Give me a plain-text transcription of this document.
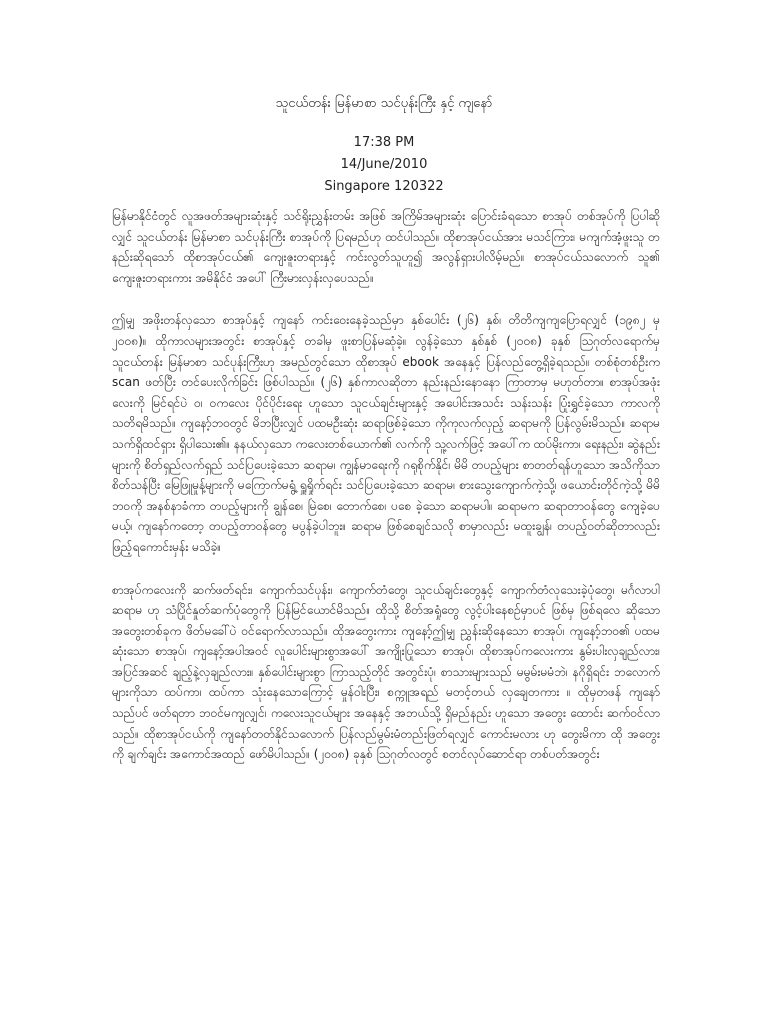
သူငယ်တန်း မြန်မာစာ သင်ပုန်းကြီး နှင့် ကျနော်
17:38 PM
14/June/2010
Singapore 120322

မြန်မာနိုင်ငံတွင် လူအဖတ်အများဆုံးနှင့် သင်ရိုးညွှန်းတမ်း အဖြစ် အကြိမ်အများဆုံး ပြောင်းခံရသော စာအုပ် တစ်အုပ်ကို ပြပါဆိုလျှင် သူငယ်တန်း မြန်မာစာ သင်ပုန်းကြီး စာအုပ်ကို ပြရမည်ဟု ထင်ပါသည်။ ထိုစာအုပ်ငယ်အား မသင်ကြား၊ မကျက်အံ့ဖူးသူ တနည်းဆိုရသော် ထိုစာအုပ်ငယ်၏ ကျေးဇူးတရားနှင့် ကင်းလွတ်သူဟူ၍ အလွန်ရှားပါလိမ့်မည်။ စာအုပ်ငယ်သလောက် သူ၏ ကျေးဇူးတရားကား အမိနိုင်ငံ အပေါ် ကြီးမားလှန်းလှပေသည်။

ဤမျှ အဖိုးတန်လှသော စာအုပ်နှင့် ကျနော် ကင်းဝေးနေခဲ့သည်မှာ နှစ်ပေါင်း (၂၆) နှစ်၊ တိတိကျကျပြောရလျှင် (၁၉၈၂ မှ ၂၀၀၈)။ ထိုကာလများအတွင်း စာအုပ်နှင့် တခါမှ ဖူးစာပြန်မဆုံခဲ့။ လွန်ခဲ့သော နှစ်နှစ် (၂၀၀၈) ခုနှစ် သြဂုတ်လရောက်မှ သူငယ်တန်း မြန်မာစာ သင်ပုန်းကြီးဟု အမည်တွင်သော ထိုစာအုပ် ebook အနေနှင့် ပြန်လည်တွေ့ရှိခဲ့ရသည်။ တစ်စုံတစ်ဦးက scan ဖတ်ပြီး တင်ပေးလိုက်ခြင်း ဖြစ်ပါသည်။ (၂၆) နှစ်ကာလဆိုတာ နည်းနည်းနောနော ကြာတာမှ မဟုတ်တာ။ စာအုပ်အဖုံးလေးကို မြင်ရင်ပဲ ဝ၊ ဝကလေး ပိုင်ပိုင်းရေး ဟူသော သူငယ်ချင်းများနှင့် အပေါင်းအသင်း သန်းသန်း ပြုံးရွှင်ခဲ့သော ကာလကို သတိရမိသည်။ ကျနော့်ဘဝတွင် မိဘပြီးလျှင် ပထမဦးဆုံး ဆရာဖြစ်ခဲ့သော ကိုကုလက်လှည့် ဆရာမကို ပြန်လွမ်းမိသည်။ ဆရာမ သက်ရှိထင်ရှား ရှိပါသေး၏။ နနယ်လှသော ကလေးတစ်ယောက်၏ လက်ကို သူ့လက်ဖြင့် အပေါ်က ထပ်မိုးကာ၊ ရေးနည်း၊ ဆွဲနည်းများကို စိတ်ရှည်လက်ရှည် သင်ပြပေးခဲ့သော ဆရာမ၊ ကျွန်မာရေးကို ဂရုစိုက်နိုင်၊ မိမိ တပည့်များ စာတတ်ရန်ဟူသော အသိကိုသာ စိတ်သန်ပြီး မြေဖြူမှုန့်များကို မကြောက်မရွံ့ ရှူရှိုက်ရင်း သင်ပြပေးခဲ့သော ဆရာမ၊ စားသွေးကျောက်ကဲ့သို့၊ ဖယောင်းတိုင်ကဲ့သို့ မိမိဘဝကို အနစ်နာခံကာ တပည့်များကို ချွန်စေ၊ မြဲစေ၊ တောက်စေ၊ ပစေ ခဲ့သော ဆရာမပါ။ ဆရာမက ဆရာတာဝန်တွေ ကျေခဲ့ပေမယ့်၊ ကျနော်ကတော့ တပည့်တာဝန်တွေ မပွန်ခဲ့ပါဘူး။ ဆရာမ ဖြစ်စေချင်သလို စာမှာလည်း မထူးချွန်၊ တပည့်ဝတ်ဆိုတာလည်း ဖြည့်ရကောင်းမှန်း မသိခဲ့။

စာအုပ်ကလေးကို ဆက်ဖတ်ရင်း၊ ကျောက်သင်ပုန်း၊ ကျောက်တံတွေ၊ သူငယ်ချင်းတွေနှင့် ကျောက်တံလုသေးခဲ့ပုံတွေ၊ မင်္ဂလာပါ ဆရာမ ဟု သံပြိုင်နှုတ်ဆက်ပုံတွေကို ပြန်မြင်ယောင်မိသည်။ ထိုသို့ စိတ်အရှုံတွေ လွင့်ပါးနေစဉ်မှာပင် ဖြစ်မှ ဖြစ်ရလေ ဆိုသော အတွေးတစ်ခုက ဖိတ်မခေါ်ပဲ ဝင်ရောက်လာသည်။ ထိုအတွေးကား ကျနော့်ဤမျှ ညွှန်းဆိုနေသော စာအုပ်၊ ကျနော့်ဘဝ၏ ပထမဆုံးသော စာအုပ်၊ ကျနော့်အပါအဝင် လူပေါင်းများစွာအပေါ် အကျိုးပြုသော စာအုပ်၊ ထိုစာအုပ်ကလေးကား နွမ်းပါးလှချည်လား၊ အပြင်အဆင် ချည့်နဲ့လှချည်လား။ နှစ်ပေါင်းများစွာ ကြာသည့်တိုင် အတွင်းပုံ၊ စာသားများသည် မမွမ်းမမံဘဲ၊ နဂိုရှိရင်း ဘလောက်များကိုသာ ထပ်ကာ၊ ထပ်ကာ သုံးနေသောကြောင့် မှုန်ဝါးပြီး၊ စက္ကူအရည် မတင့်တယ် လှချေတကား ။ ထိုမှတဖန် ကျနော်သည်ပင် ဖတ်ရတာ ဘဝင်မကျလျှင်၊ ကလေးသူငယ်များ အနေနှင့် အဘယ်သို့ ရှိမည်နည်း ဟူသော အတွေး ထောင်း ဆက်ဝင်လာသည်။ ထိုစာအုပ်ငယ်ကို ကျနော်တတ်နိုင်သလောက် ပြန်လည်မွမ်းမံတည်းဖြတ်ရလျှင် ကောင်းမလား ဟု တွေးမိကာ ထို အတွေးကို ချက်ချင်း အကောင်အထည် ဖော်မိပါသည်။ (၂၀၀၈) ခုနှစ် သြဂုတ်လတွင် စတင်လုပ်ဆောင်ရာ တစ်ပတ်အတွင်း
